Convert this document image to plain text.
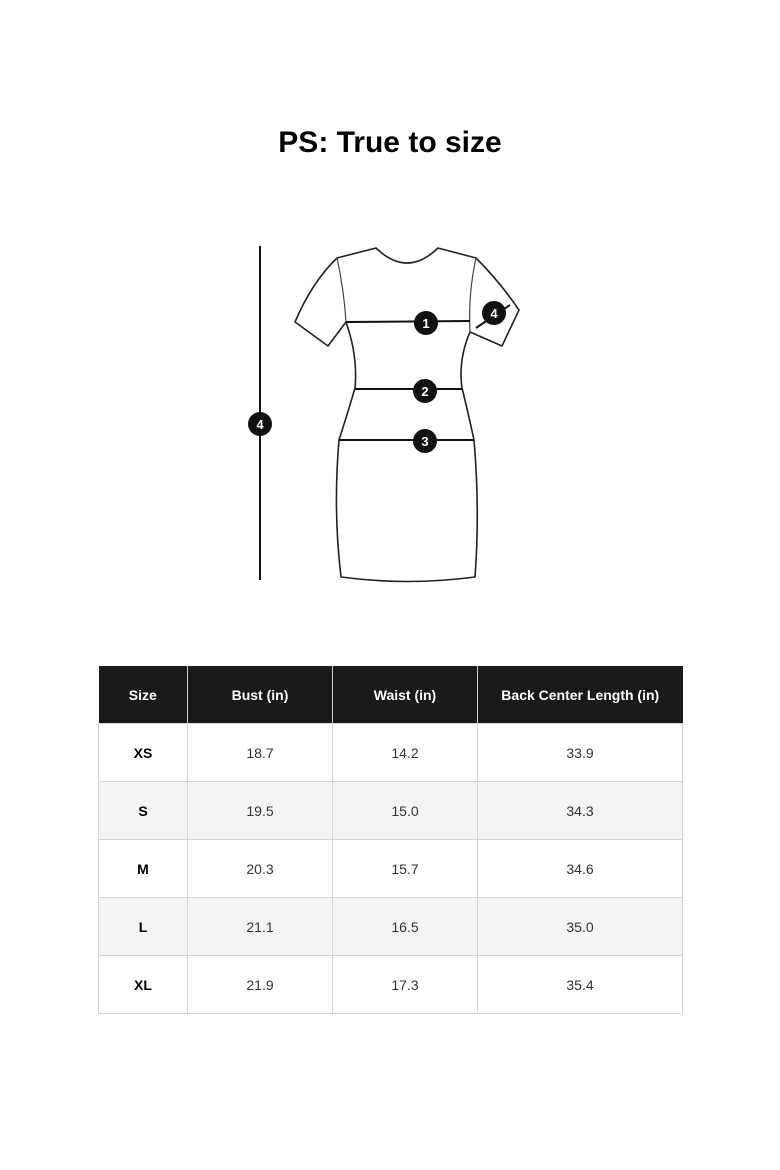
PS: True to size
1
2
3
4
4
Size	Bust (in)	Waist (in)	Back Center Length (in)
XS	18.7	14.2	33.9
S	19.5	15.0	34.3
M	20.3	15.7	34.6
L	21.1	16.5	35.0
XL	21.9	17.3	35.4
